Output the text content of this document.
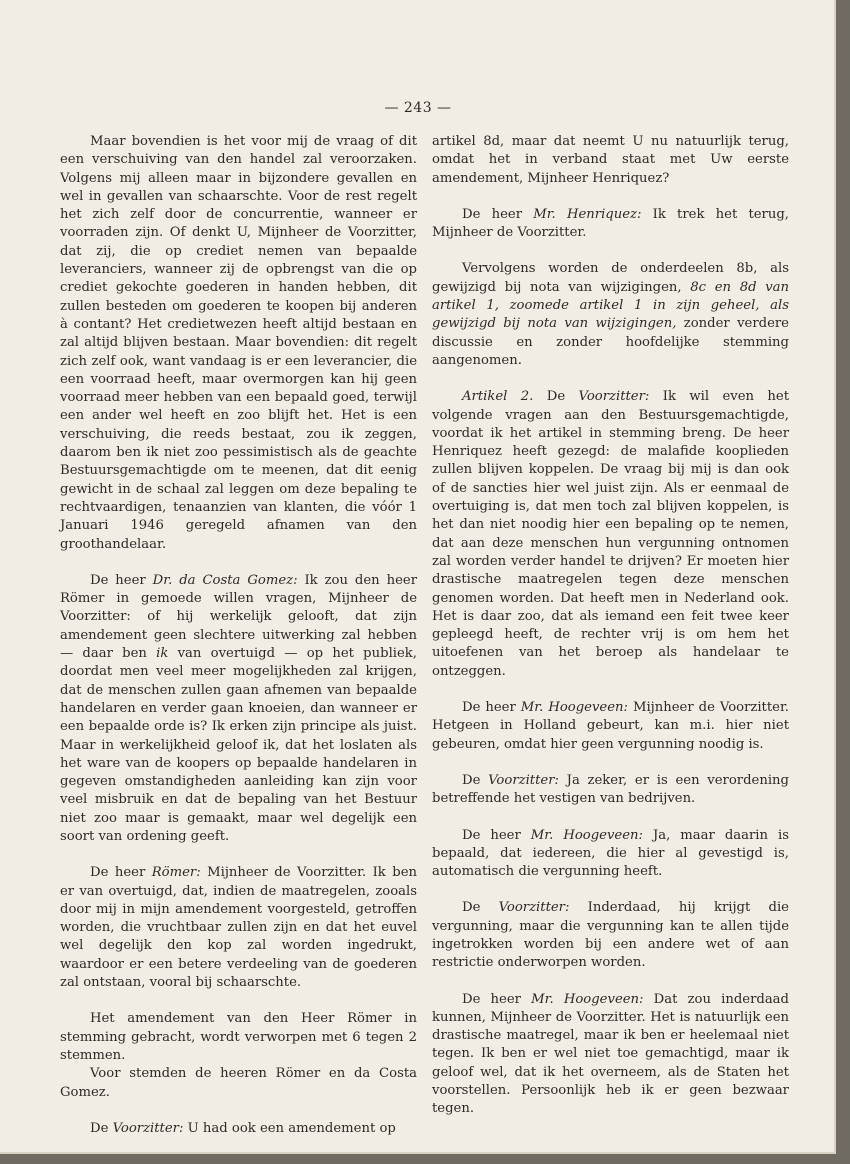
— 243 —

Maar bovendien is het voor mij de vraag of dit een verschuiving van den handel zal veroorzaken. Volgens mij alleen maar in bijzondere gevallen en wel in gevallen van schaarschte. Voor de rest regelt het zich zelf door de concurrentie, wanneer er voorraden zijn. Of denkt U, Mijnheer de Voorzitter, dat zij, die op crediet nemen van bepaalde leveranciers, wanneer zij de opbrengst van die op crediet gekochte goederen in handen hebben, dit zullen besteden om goederen te koopen bij anderen à contant? Het credietwezen heeft altijd bestaan en zal altijd blijven bestaan. Maar bovendien: dit regelt zich zelf ook, want vandaag is er een leverancier, die een voorraad heeft, maar overmorgen kan hij geen voorraad meer hebben van een bepaald goed, terwijl een ander wel heeft en zoo blijft het. Het is een verschuiving, die reeds bestaat, zou ik zeggen, daarom ben ik niet zoo pessimistisch als de geachte Bestuursgemachtigde om te meenen, dat dit eenig gewicht in de schaal zal leggen om deze bepaling te rechtvaardigen, tenaanzien van klanten, die vóór 1 Januari 1946 geregeld afnamen van den groothandelaar.

De heer Dr. da Costa Gomez: Ik zou den heer Römer in gemoede willen vragen, Mijnheer de Voorzitter: of hij werkelijk gelooft, dat zijn amendement geen slechtere uitwerking zal hebben — daar ben ik van overtuigd — op het publiek, doordat men veel meer mogelijkheden zal krijgen, dat de menschen zullen gaan afnemen van bepaalde handelaren en verder gaan knoeien, dan wanneer er een bepaalde orde is? Ik erken zijn principe als juist. Maar in werkelijkheid geloof ik, dat het loslaten als het ware van de koopers op bepaalde handelaren in gegeven omstandigheden aanleiding kan zijn voor veel misbruik en dat de bepaling van het Bestuur niet zoo maar is gemaakt, maar wel degelijk een soort van ordening geeft.

De heer Römer: Mijnheer de Voorzitter. Ik ben er van overtuigd, dat, indien de maatregelen, zooals door mij in mijn amendement voorgesteld, getroffen worden, die vruchtbaar zullen zijn en dat het euvel wel degelijk den kop zal worden ingedrukt, waardoor er een betere verdeeling van de goederen zal ontstaan, vooral bij schaarschte.

Het amendement van den Heer Römer in stemming gebracht, wordt verworpen met 6 tegen 2 stemmen.

Voor stemden de heeren Römer en da Costa Gomez.

De Voorzitter: U had ook een amendement op

artikel 8d, maar dat neemt U nu natuurlijk terug, omdat het in verband staat met Uw eerste amendement, Mijnheer Henriquez?

De heer Mr. Henriquez: Ik trek het terug, Mijnheer de Voorzitter.

Vervolgens worden de onderdeelen 8b, als gewijzigd bij nota van wijzigingen, 8c en 8d van artikel 1, zoomede artikel 1 in zijn geheel, als gewijzigd bij nota van wijzigingen, zonder verdere discussie en zonder hoofdelijke stemming aangenomen.

Artikel 2. De Voorzitter: Ik wil even het volgende vragen aan den Bestuursgemachtigde, voordat ik het artikel in stemming breng. De heer Henriquez heeft gezegd: de malafide kooplieden zullen blijven koppelen. De vraag bij mij is dan ook of de sancties hier wel juist zijn. Als er eenmaal de overtuiging is, dat men toch zal blijven koppelen, is het dan niet noodig hier een bepaling op te nemen, dat aan deze menschen hun vergunning ontnomen zal worden verder handel te drijven? Er moeten hier drastische maatregelen tegen deze menschen genomen worden. Dat heeft men in Nederland ook. Het is daar zoo, dat als iemand een feit twee keer gepleegd heeft, de rechter vrij is om hem het uitoefenen van het beroep als handelaar te ontzeggen.

De heer Mr. Hoogeveen: Mijnheer de Voorzitter. Hetgeen in Holland gebeurt, kan m.i. hier niet gebeuren, omdat hier geen vergunning noodig is.

De Voorzitter: Ja zeker, er is een verordening betreffende het vestigen van bedrijven.

De heer Mr. Hoogeveen: Ja, maar daarin is bepaald, dat iedereen, die hier al gevestigd is, automatisch die vergunning heeft.

De Voorzitter: Inderdaad, hij krijgt die vergunning, maar die vergunning kan te allen tijde ingetrokken worden bij een andere wet of aan restrictie onderworpen worden.

De heer Mr. Hoogeveen: Dat zou inderdaad kunnen, Mijnheer de Voorzitter. Het is natuurlijk een drastische maatregel, maar ik ben er heelemaal niet tegen. Ik ben er wel niet toe gemachtigd, maar ik geloof wel, dat ik het overneem, als de Staten het voorstellen. Persoonlijk heb ik er geen bezwaar tegen.
